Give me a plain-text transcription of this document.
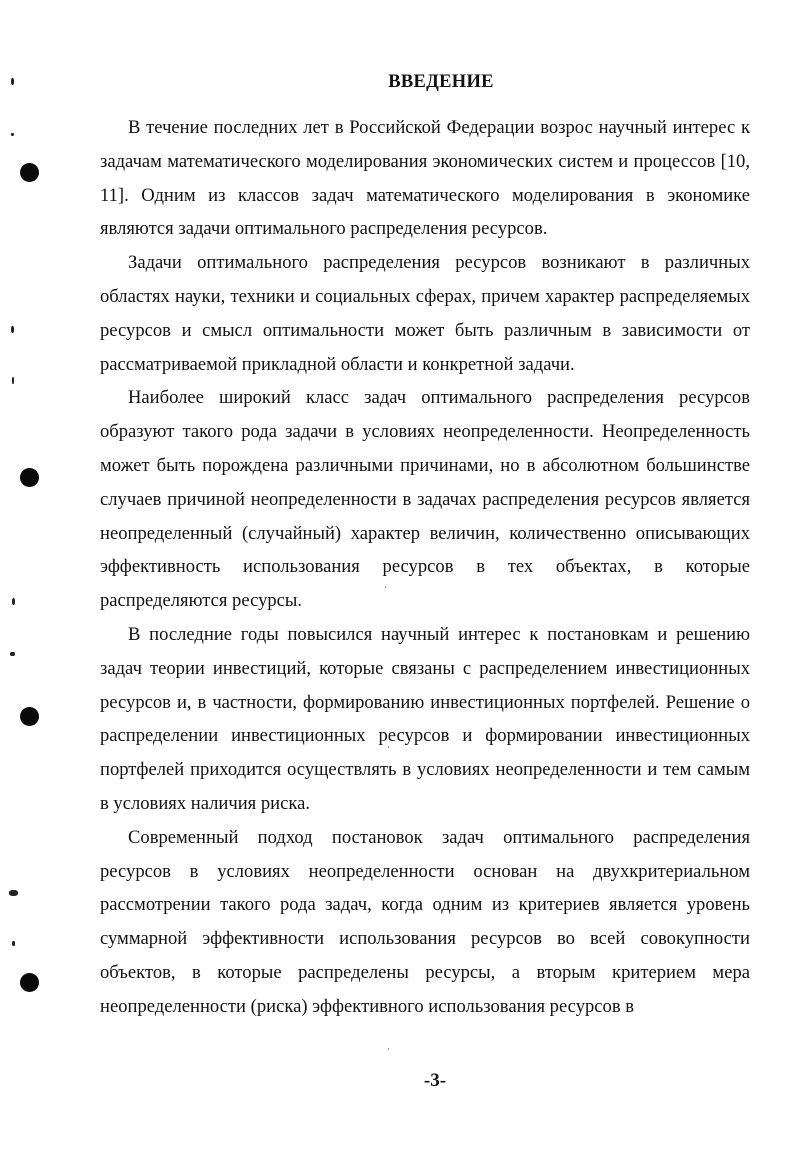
ВВЕДЕНИЕ

В течение последних лет в Российской Федерации возрос научный интерес к задачам математического моделирования экономических систем и процессов [10, 11]. Одним из классов задач математического моделирования в экономике являются задачи оптимального распределения ресурсов.

Задачи оптимального распределения ресурсов возникают в различных областях науки, техники и социальных сферах, причем характер распределяемых ресурсов и смысл оптимальности может быть различным в зависимости от рассматриваемой прикладной области и конкретной задачи.

Наиболее широкий класс задач оптимального распределения ресурсов образуют такого рода задачи в условиях неопределенности. Неопределенность может быть порождена различными причинами, но в абсолютном большинстве случаев причиной неопределенности в задачах распределения ресурсов является неопределенный (случайный) характер величин, количественно описывающих эффективность использования ресурсов в тех объектах, в которые распределяются ресурсы.

В последние годы повысился научный интерес к постановкам и решению задач теории инвестиций, которые связаны с распределением инвестиционных ресурсов и, в частности, формированию инвестиционных портфелей. Решение о распределении инвестиционных ресурсов и формировании инвестиционных портфелей приходится осуществлять в условиях неопределенности и тем самым в условиях наличия риска.

Современный подход постановок задач оптимального распределения ресурсов в условиях неопределенности основан на двухкритериальном рассмотрении такого рода задач, когда одним из критериев является уровень суммарной эффективности использования ресурсов во всей совокупности объектов, в которые распределены ресурсы, а вторым критерием мера неопределенности (риска) эффективного использования ресурсов в

-3-
